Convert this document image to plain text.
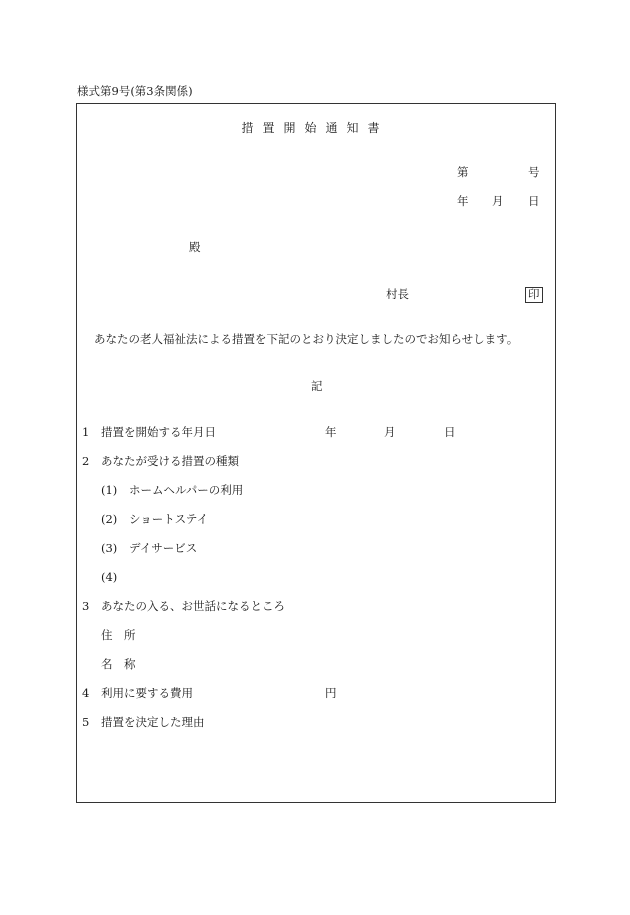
様式第9号(第3条関係)
措置開始通知書
第	号
年 月 日
殿
村長	印
あなたの老人福祉法による措置を下記のとおり決定しましたのでお知らせします。
記
1 措置を開始する年月日	年	月	日
2 あなたが受ける措置の種類
(1) ホームヘルパーの利用
(2) ショートステイ
(3) デイサービス
(4)
3 あなたの入る、お世話になるところ
住　所
名　称
4 利用に要する費用	円
5 措置を決定した理由
